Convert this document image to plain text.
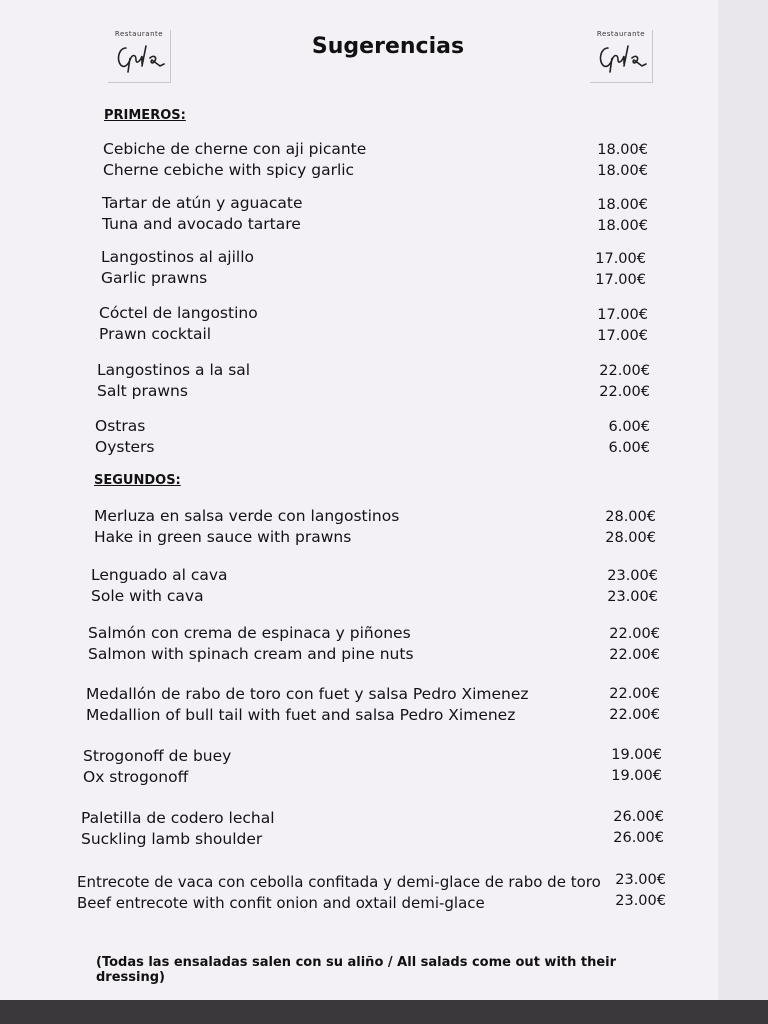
Restaurante	Sugerencias	Restaurante
PRIMEROS:
Cebiche de cherne con aji picante
Cherne cebiche with spicy garlic
18.00€
18.00€
Tartar de atún y aguacate
Tuna and avocado tartare
18.00€
18.00€
Langostinos al ajillo
Garlic prawns
17.00€
17.00€
Cóctel de langostino
Prawn cocktail
17.00€
17.00€
Langostinos a la sal
Salt prawns
22.00€
22.00€
Ostras
Oysters
6.00€
6.00€
SEGUNDOS:
Merluza en salsa verde con langostinos
Hake in green sauce with prawns
28.00€
28.00€
Lenguado al cava
Sole with cava
23.00€
23.00€
Salmón con crema de espinaca y piñones
Salmon with spinach cream and pine nuts
22.00€
22.00€
Medallón de rabo de toro con fuet y salsa Pedro Ximenez
Medallion of bull tail with fuet and salsa Pedro Ximenez
22.00€
22.00€
Strogonoff de buey
Ox strogonoff
19.00€
19.00€
Paletilla de codero lechal
Suckling lamb shoulder
26.00€
26.00€
Entrecote de vaca con cebolla confitada y demi-glace de rabo de toro
Beef entrecote with confit onion and oxtail demi-glace
23.00€
23.00€
(Todas las ensaladas salen con su aliño / All salads come out with their dressing)
